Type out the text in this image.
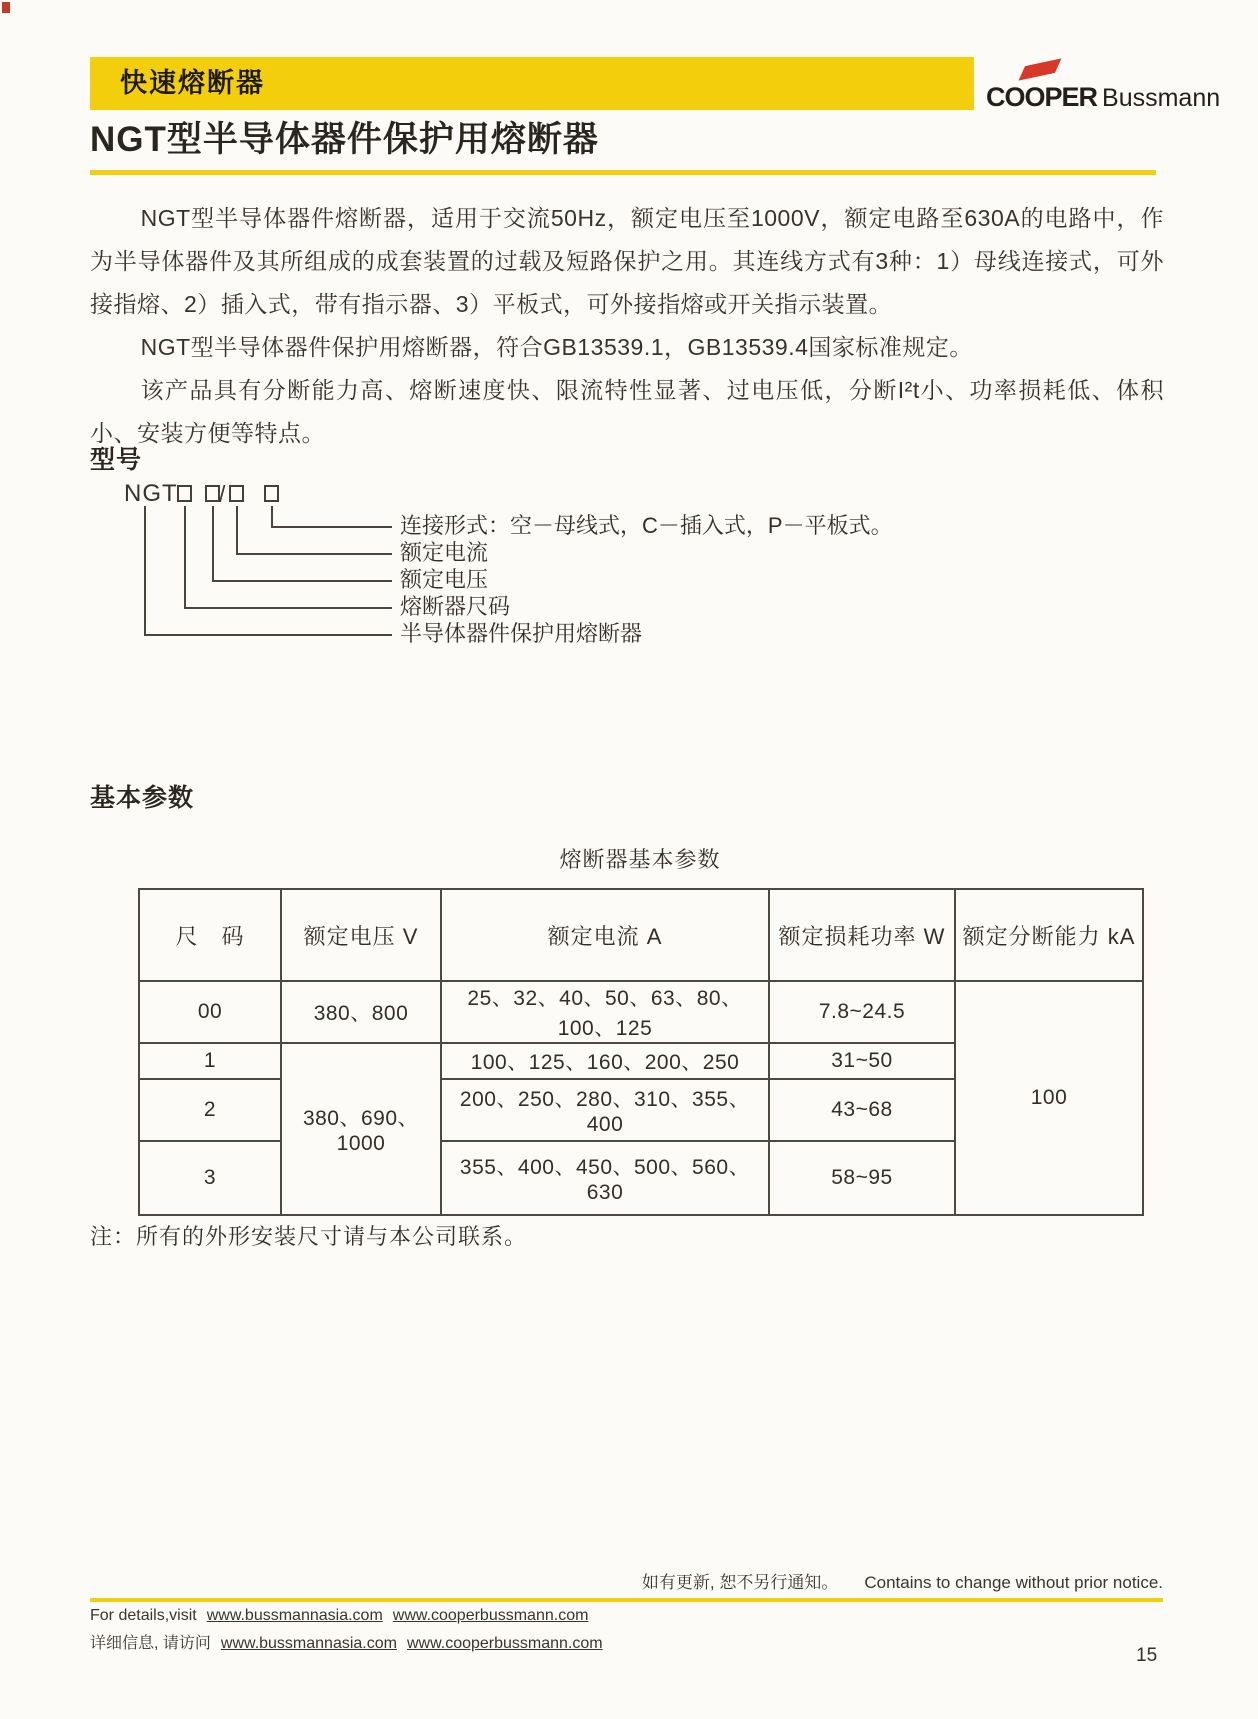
快速熔断器	COOPER Bussmann
NGT型半导体器件保护用熔断器

NGT型半导体器件熔断器，适用于交流50Hz，额定电压至1000V，额定电路至630A的电路中，作为半导体器件及其所组成的成套装置的过载及短路保护之用。其连线方式有3种：1）母线连接式，可外接指熔、2）插入式，带有指示器、3）平板式，可外接指熔或开关指示装置。

NGT型半导体器件保护用熔断器，符合GB13539.1，GB13539.4国家标准规定。

该产品具有分断能力高、熔断速度快、限流特性显著、过电压低，分断I²t小、功率损耗低、体积小、安装方便等特点。

型号
NGT /
连接形式：空－母线式，C－插入式，P－平板式。
额定电流
额定电压
熔断器尺码
半导体器件保护用熔断器
基本参数
熔断器基本参数
尺　码	额定电压 V	额定电流 A	额定损耗功率 W	额定分断能力 kA
00	380、800	25、32、40、50、63、80、100、125	7.8~24.5	100
1	380、690、1000	100、125、160、200、250	31~50	
2		200、250、280、310、355、400	43~68	
3		355、400、450、500、560、630	58~95	
注：所有的外形安装尺寸请与本公司联系。
如有更新, 恕不另行通知。 Contains to change without prior notice.
For details,visit www.bussmannasia.com www.cooperbussmann.com
详细信息, 请访问 www.bussmannasia.com www.cooperbussmann.com
15
